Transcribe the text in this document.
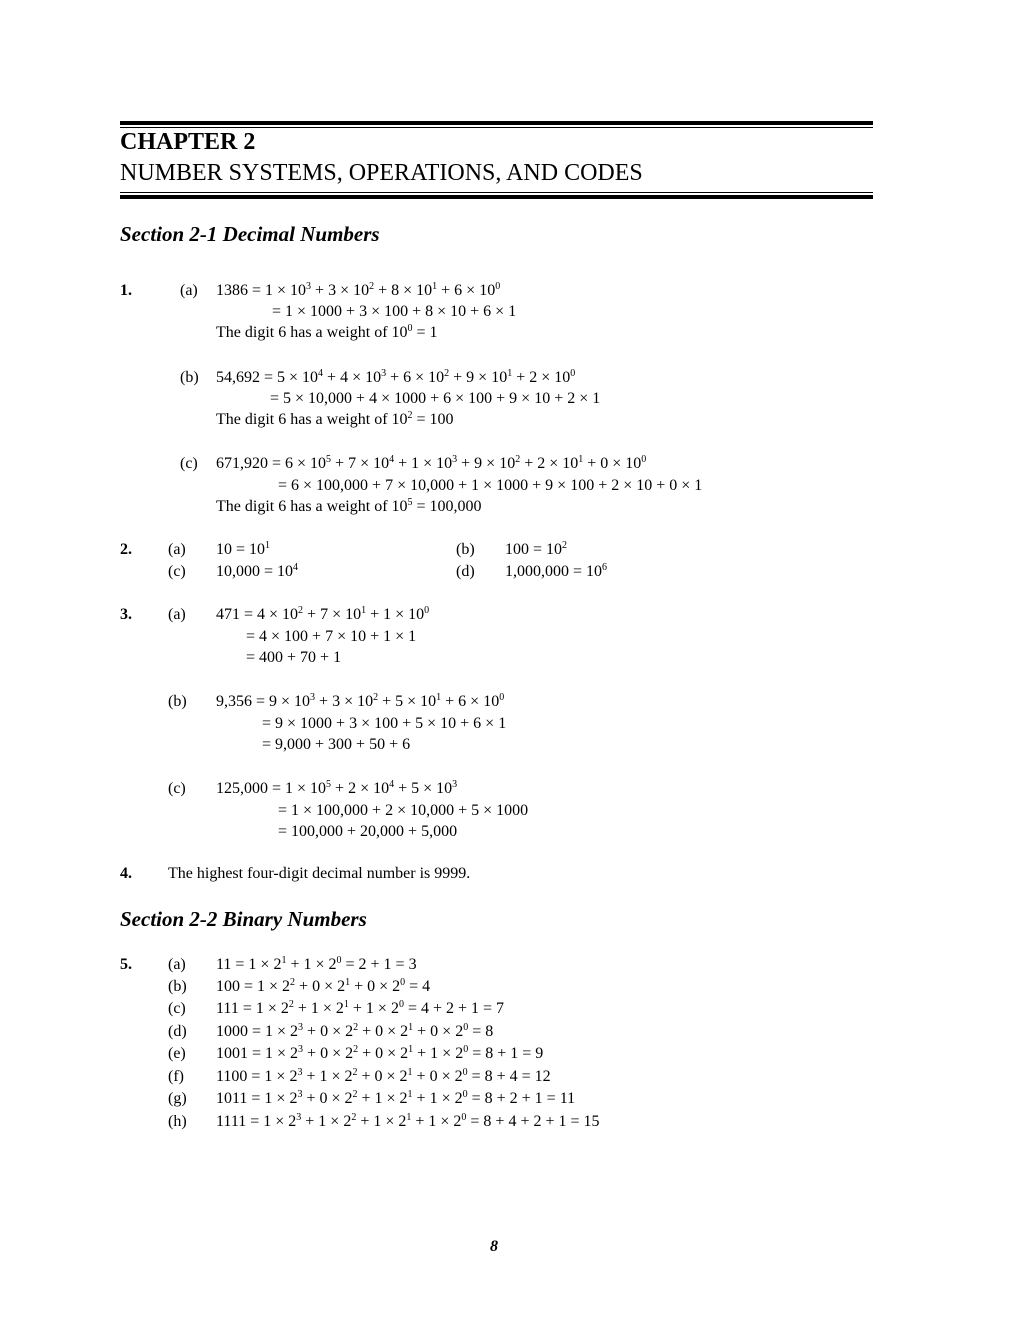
CHAPTER 2
NUMBER SYSTEMS, OPERATIONS, AND CODES
Section 2-1 Decimal Numbers
1.	(a) $1386 = 1 \times 10^3 + 3 \times 10^2 + 8 \times 10^1 + 6 \times 10^0$
= 1 × 1000 + 3 × 100 + 8 × 10 + 6 × 1
The digit 6 has a weight of $10^0 = 1$
(b) $54,692 = 5 \times 10^4 + 4 \times 10^3 + 6 \times 10^2 + 9 \times 10^1 + 2 \times 10^0$
= 5 × 10,000 + 4 × 1000 + 6 × 100 + 9 × 10 + 2 × 1
The digit 6 has a weight of $10^2 = 100$
(c) $671,920 = 6 \times 10^5 + 7 \times 10^4 + 1 \times 10^3 + 9 \times 10^2 + 2 \times 10^1 + 0 \times 10^0$
= 6 × 100,000 + 7 × 10,000 + 1 × 1000 + 9 × 100 + 2 × 10 + 0 × 1
The digit 6 has a weight of $10^5 = 100,000$
2. (a) $10 = 10^1$	(b) $100 = 10^2$
(c) $10,000 = 10^4$	(d) $1,000,000 = 10^6$
3. (a) $471 = 4 \times 10^2 + 7 \times 10^1 + 1 \times 10^0$
= 4 × 100 + 7 × 10 + 1 × 1
= 400 + 70 + 1
(b) $9,356 = 9 \times 10^3 + 3 \times 10^2 + 5 \times 10^1 + 6 \times 10^0$
= 9 × 1000 + 3 × 100 + 5 × 10 + 6 × 1
= 9,000 + 300 + 50 + 6
(c) $125,000 = 1 \times 10^5 + 2 \times 10^4 + 5 \times 10^3$
= 1 × 100,000 + 2 × 10,000 + 5 × 1000
= 100,000 + 20,000 + 5,000
4. The highest four-digit decimal number is 9999.
Section 2-2 Binary Numbers
5. (a) $11 = 1 \times 2^1 + 1 \times 2^0 = 2 + 1 = 3$
(b) $100 = 1 \times 2^2 + 0 \times 2^1 + 0 \times 2^0 = 4$
(c) $111 = 1 \times 2^2 + 1 \times 2^1 + 1 \times 2^0 = 4 + 2 + 1 = 7$
(d) $1000 = 1 \times 2^3 + 0 \times 2^2 + 0 \times 2^1 + 0 \times 2^0 = 8$
(e) $1001 = 1 \times 2^3 + 0 \times 2^2 + 0 \times 2^1 + 1 \times 2^0 = 8 + 1 = 9$
(f) $1100 = 1 \times 2^3 + 1 \times 2^2 + 0 \times 2^1 + 0 \times 2^0 = 8 + 4 = 12$
(g) $1011 = 1 \times 2^3 + 0 \times 2^2 + 1 \times 2^1 + 1 \times 2^0 = 8 + 2 + 1 = 11$
(h) $1111 = 1 \times 2^3 + 1 \times 2^2 + 1 \times 2^1 + 1 \times 2^0 = 8 + 4 + 2 + 1 = 15$
8
